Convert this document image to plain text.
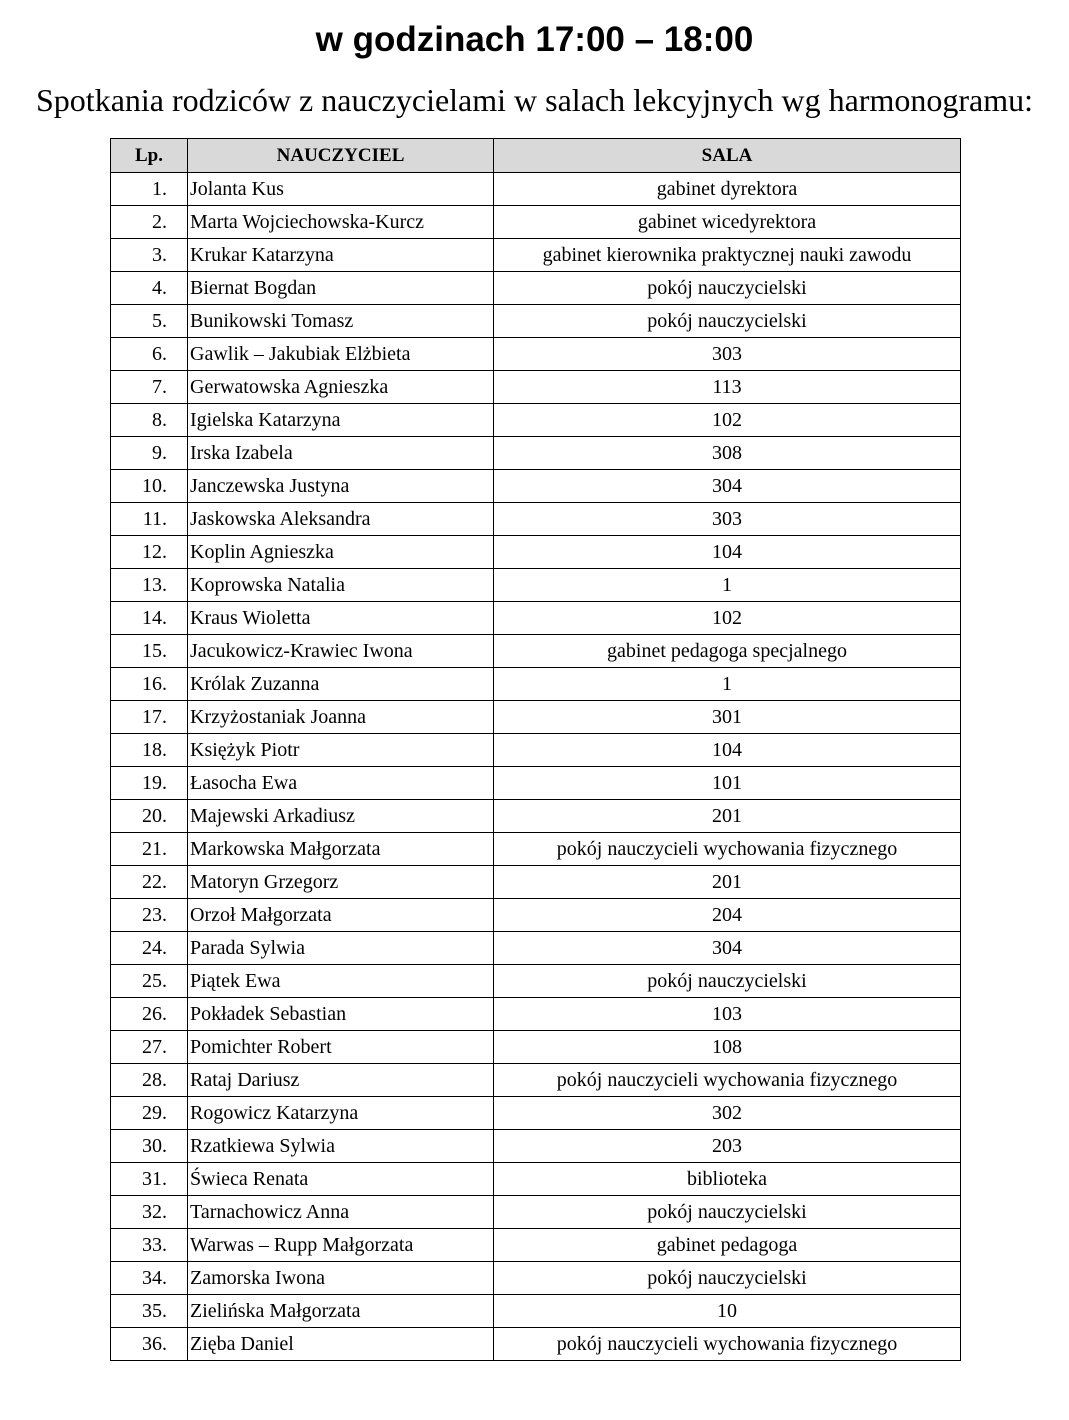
w godzinach 17:00 – 18:00

Spotkania rodziców z nauczycielami w salach lekcyjnych wg harmonogramu:

Lp.	NAUCZYCIEL	SALA
1.	Jolanta Kus	gabinet dyrektora
2.	Marta Wojciechowska-Kurcz	gabinet wicedyrektora
3.	Krukar Katarzyna	gabinet kierownika praktycznej nauki zawodu
4.	Biernat Bogdan	pokój nauczycielski
5.	Bunikowski Tomasz	pokój nauczycielski
6.	Gawlik – Jakubiak Elżbieta	303
7.	Gerwatowska Agnieszka	113
8.	Igielska Katarzyna	102
9.	Irska Izabela	308
10.	Janczewska Justyna	304
11.	Jaskowska Aleksandra	303
12.	Koplin Agnieszka	104
13.	Koprowska Natalia	1
14.	Kraus Wioletta	102
15.	Jacukowicz-Krawiec Iwona	gabinet pedagoga specjalnego
16.	Królak Zuzanna	1
17.	Krzyżostaniak Joanna	301
18.	Księżyk Piotr	104
19.	Łasocha Ewa	101
20.	Majewski Arkadiusz	201
21.	Markowska Małgorzata	pokój nauczycieli wychowania fizycznego
22.	Matoryn Grzegorz	201
23.	Orzoł Małgorzata	204
24.	Parada Sylwia	304
25.	Piątek Ewa	pokój nauczycielski
26.	Pokładek Sebastian	103
27.	Pomichter Robert	108
28.	Rataj Dariusz	pokój nauczycieli wychowania fizycznego
29.	Rogowicz Katarzyna	302
30.	Rzatkiewa Sylwia	203
31.	Świeca Renata	biblioteka
32.	Tarnachowicz Anna	pokój nauczycielski
33.	Warwas – Rupp Małgorzata	gabinet pedagoga
34.	Zamorska Iwona	pokój nauczycielski
35.	Zielińska Małgorzata	10
36.	Zięba Daniel	pokój nauczycieli wychowania fizycznego
